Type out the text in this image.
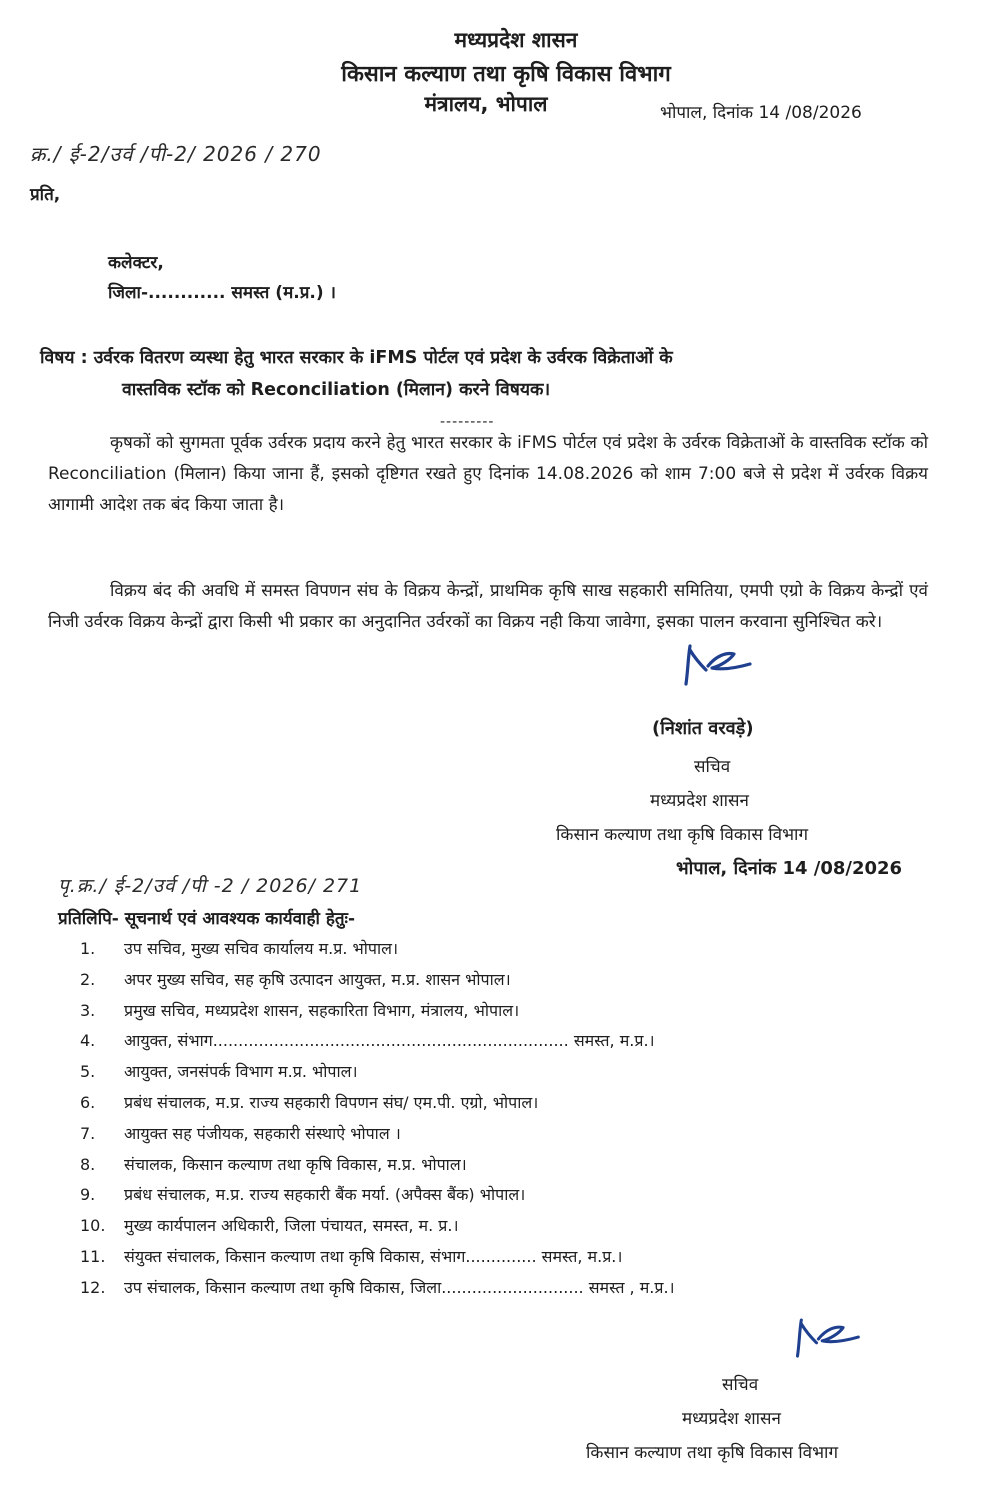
मध्यप्रदेश शासन
किसान कल्याण तथा कृषि विकास विभाग
मंत्रालय, भोपाल	भोपाल, दिनांक 14 /08/2026
क्र./ ई-2/उर्व /पी-2/ 2026 / 270
प्रति,
कलेक्टर,
जिला-............ समस्त (म.प्र.) ।
विषय : उर्वरक वितरण व्यस्था हेतु भारत सरकार के iFMS पोर्टल एवं प्रदेश के उर्वरक विक्रेताओं के
वास्तविक स्टॉक को Reconciliation (मिलान) करने विषयक।
---------
कृषकों को सुगमता पूर्वक उर्वरक प्रदाय करने हेतु भारत सरकार के iFMS पोर्टल एवं प्रदेश के उर्वरक विक्रेताओं के वास्तविक स्टॉक को Reconciliation (मिलान) किया जाना हैं, इसको दृष्टिगत रखते हुए दिनांक 14.08.2026 को शाम 7:00 बजे से प्रदेश में उर्वरक विक्रय आगामी आदेश तक बंद किया जाता है।
विक्रय बंद की अवधि में समस्त विपणन संघ के विक्रय केन्द्रों, प्राथमिक कृषि साख सहकारी समितिया, एमपी एग्रो के विक्रय केन्द्रों एवं निजी उर्वरक विक्रय केन्द्रों द्वारा किसी भी प्रकार का अनुदानित उर्वरकों का विक्रय नही किया जावेगा, इसका पालन करवाना सुनिश्चित करे।
(निशांत वरवड़े)
सचिव
मध्यप्रदेश शासन
किसान कल्याण तथा कृषि विकास विभाग
भोपाल, दिनांक 14 /08/2026
पृ.क्र./ ई-2/उर्व /पी -2 / 2026/ 271
प्रतिलिपि- सूचनार्थ एवं आवश्यक कार्यवाही हेतुः-
1. उप सचिव, मुख्य सचिव कार्यालय म.प्र. भोपाल।
2. अपर मुख्य सचिव, सह कृषि उत्पादन आयुक्त, म.प्र. शासन भोपाल।
3. प्रमुख सचिव, मध्यप्रदेश शासन, सहकारिता विभाग, मंत्रालय, भोपाल।
4. आयुक्त, संभाग...................................................................... समस्त, म.प्र.।
5. आयुक्त, जनसंपर्क विभाग म.प्र. भोपाल।
6. प्रबंध संचालक, म.प्र. राज्य सहकारी विपणन संघ/ एम.पी. एग्रो, भोपाल।
7. आयुक्त सह पंजीयक, सहकारी संस्थाऐ भोपाल ।
8. संचालक, किसान कल्याण तथा कृषि विकास, म.प्र. भोपाल।
9. प्रबंध संचालक, म.प्र. राज्य सहकारी बैंक मर्या. (अपैक्स बैंक) भोपाल।
10. मुख्य कार्यपालन अधिकारी, जिला पंचायत, समस्त, म. प्र.।
11. संयुक्त संचालक, किसान कल्याण तथा कृषि विकास, संभाग.............. समस्त, म.प्र.।
12. उप संचालक, किसान कल्याण तथा कृषि विकास, जिला............................ समस्त , म.प्र.।
सचिव
मध्यप्रदेश शासन
किसान कल्याण तथा कृषि विकास विभाग
